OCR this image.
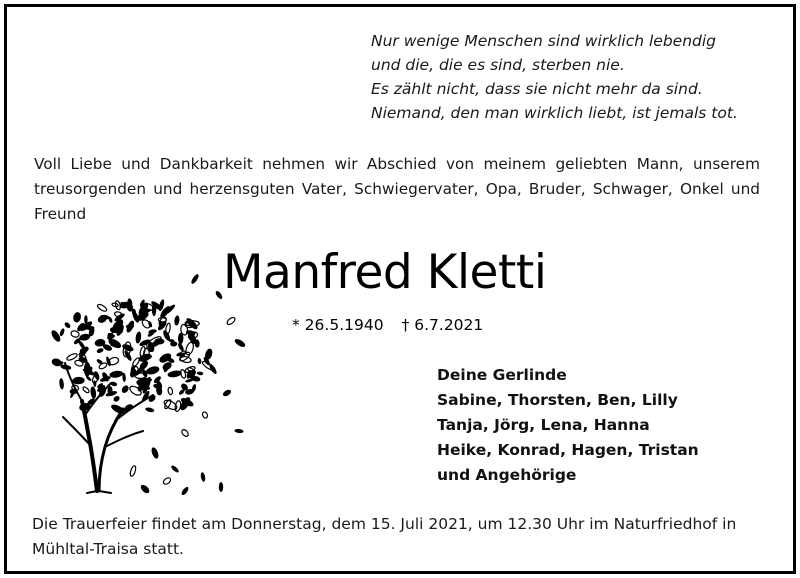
Nur wenige Menschen sind wirklich lebendig
und die, die es sind, sterben nie.
Es zählt nicht, dass sie nicht mehr da sind.
Niemand, den man wirklich liebt, ist jemals tot.
Voll Liebe und Dankbarkeit nehmen wir Abschied von meinem geliebten Mann, unserem treusorgenden und herzensguten Vater, Schwiegervater, Opa, Bruder, Schwager, Onkel und Freund
Manfred Kletti
* 26.5.1940 † 6.7.2021
Deine Gerlinde
Sabine, Thorsten, Ben, Lilly
Tanja, Jörg, Lena, Hanna
Heike, Konrad, Hagen, Tristan
und Angehörige
Die Trauerfeier findet am Donnerstag, dem 15. Juli 2021, um 12.30 Uhr im Naturfriedhof in Mühltal-Traisa statt.
